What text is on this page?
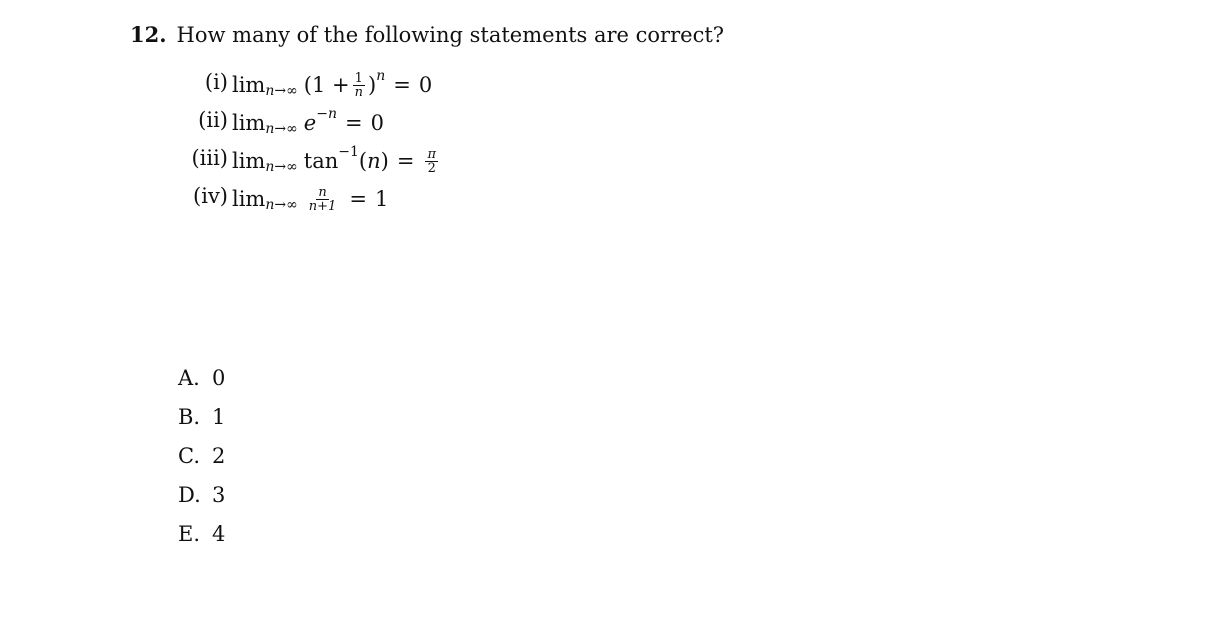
12. How many of the following statements are correct?
(i) lim n→∞ ($1 + \frac{1}{n}$ ) n = 0
(ii) lim n→∞ e −n = 0
(iii) lim n→∞ tan −1 ( n ) = $\frac{\pi}{2}$
(iv) $\lim n\to\infty \frac{n}{n+1} = 1$
A. 0
B. 1
C. 2
D. 3
E. 4
